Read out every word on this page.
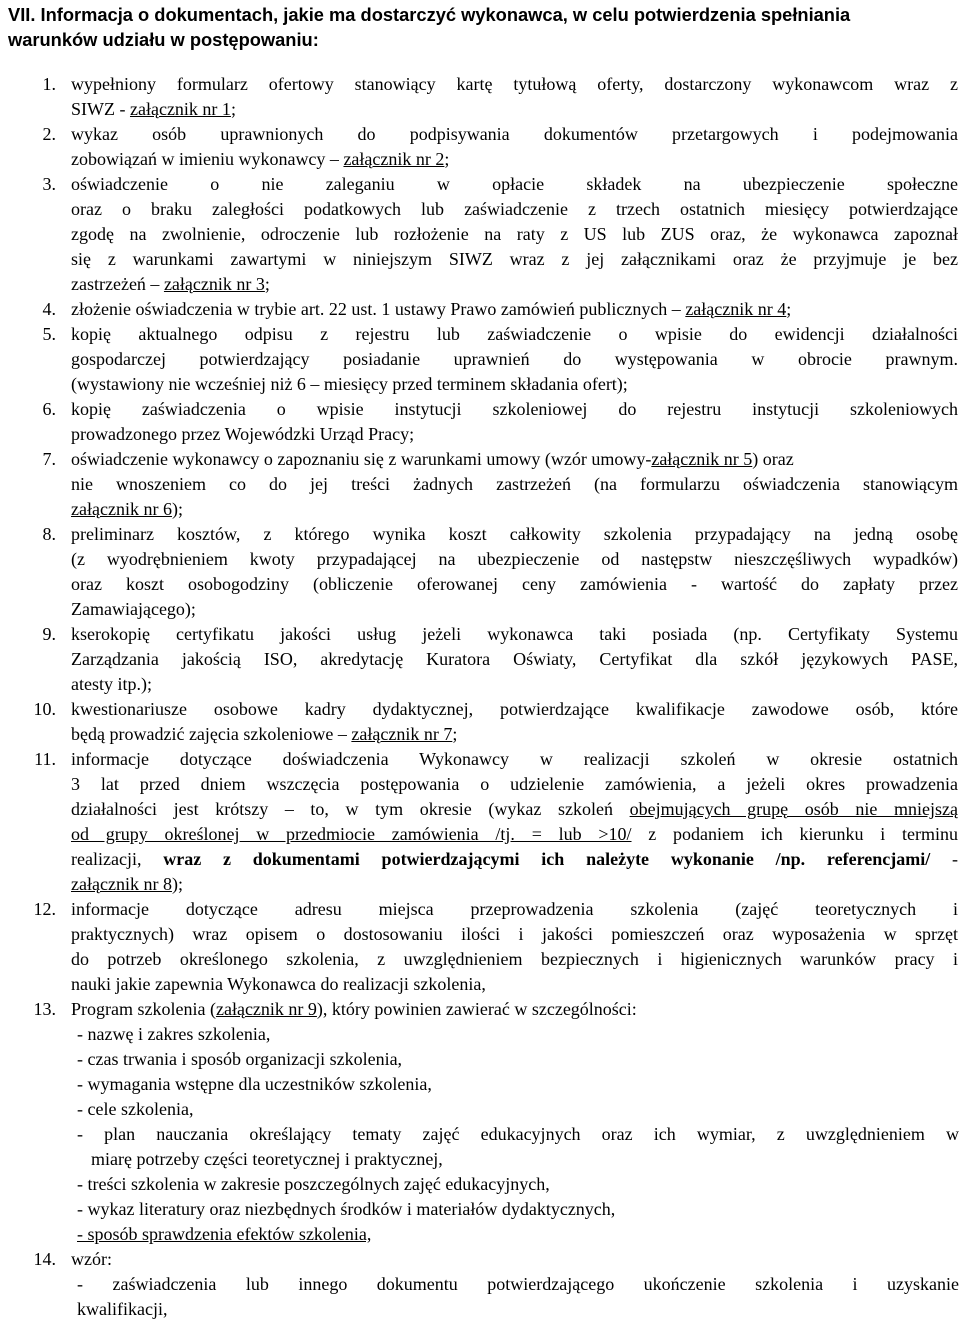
VII. Informacja o dokumentach, jakie ma dostarczyć wykonawca, w celu potwierdzenia spełniania
warunków udziału w postępowaniu:
1. wypełniony formularz ofertowy stanowiący kartę tytułową oferty, dostarczony wykonawcom wraz z
SIWZ - załącznik nr 1;
2. wykaz osób uprawnionych do podpisywania dokumentów przetargowych i podejmowania
zobowiązań w imieniu wykonawcy – załącznik nr 2;
3. oświadczenie o nie zaleganiu w opłacie składek na ubezpieczenie społeczne
oraz o braku zaległości podatkowych lub zaświadczenie z trzech ostatnich miesięcy potwierdzające
zgodę na zwolnienie, odroczenie lub rozłożenie na raty z US lub ZUS oraz, że wykonawca zapoznał
się z warunkami zawartymi w niniejszym SIWZ wraz z jej załącznikami oraz że przyjmuje je bez
zastrzeżeń – załącznik nr 3;
4. złożenie oświadczenia w trybie art. 22 ust. 1 ustawy Prawo zamówień publicznych – załącznik nr 4;
5. kopię aktualnego odpisu z rejestru lub zaświadczenie o wpisie do ewidencji działalności
gospodarczej potwierdzający posiadanie uprawnień do występowania w obrocie prawnym.
(wystawiony nie wcześniej niż 6 – miesięcy przed terminem składania ofert);
6. kopię zaświadczenia o wpisie instytucji szkoleniowej do rejestru instytucji szkoleniowych
prowadzonego przez Wojewódzki Urząd Pracy;
7. oświadczenie wykonawcy o zapoznaniu się z warunkami umowy (wzór umowy-załącznik nr 5) oraz
nie wnoszeniem co do jej treści żadnych zastrzeżeń (na formularzu oświadczenia stanowiącym
załącznik nr 6);
8. preliminarz kosztów, z którego wynika koszt całkowity szkolenia przypadający na jedną osobę
(z wyodrębnieniem kwoty przypadającej na ubezpieczenie od następstw nieszczęśliwych wypadków)
oraz koszt osobogodziny (obliczenie oferowanej ceny zamówienia - wartość do zapłaty przez
Zamawiającego);
9. kserokopię certyfikatu jakości usług jeżeli wykonawca taki posiada (np. Certyfikaty Systemu
Zarządzania jakością ISO, akredytację Kuratora Oświaty, Certyfikat dla szkół językowych PASE,
atesty itp.);
10. kwestionariusze osobowe kadry dydaktycznej, potwierdzające kwalifikacje zawodowe osób, które
będą prowadzić zajęcia szkoleniowe – załącznik nr 7;
11. informacje dotyczące doświadczenia Wykonawcy w realizacji szkoleń w okresie ostatnich
3 lat przed dniem wszczęcia postępowania o udzielenie zamówienia, a jeżeli okres prowadzenia
działalności jest krótszy – to, w tym okresie (wykaz szkoleń obejmujących grupę osób nie mniejszą
od grupy określonej w przedmiocie zamówienia /tj. = lub >10/ z podaniem ich kierunku i terminu
realizacji, wraz z dokumentami potwierdzającymi ich należyte wykonanie /np. referencjami/ -
załącznik nr 8);
12. informacje dotyczące adresu miejsca przeprowadzenia szkolenia (zajęć teoretycznych i
praktycznych) wraz opisem o dostosowaniu ilości i jakości pomieszczeń oraz wyposażenia w sprzęt
do potrzeb określonego szkolenia, z uwzględnieniem bezpiecznych i higienicznych warunków pracy i
nauki jakie zapewnia Wykonawca do realizacji szkolenia,
13. Program szkolenia (załącznik nr 9), który powinien zawierać w szczególności:
- nazwę i zakres szkolenia,
- czas trwania i sposób organizacji szkolenia,
- wymagania wstępne dla uczestników szkolenia,
- cele szkolenia,
- plan nauczania określający tematy zajęć edukacyjnych oraz ich wymiar, z uwzględnieniem w
miarę potrzeby części teoretycznej i praktycznej,
- treści szkolenia w zakresie poszczególnych zajęć edukacyjnych,
- wykaz literatury oraz niezbędnych środków i materiałów dydaktycznych,
- sposób sprawdzenia efektów szkolenia,
14. wzór:
- zaświadczenia lub innego dokumentu potwierdzającego ukończenie szkolenia i uzyskanie
kwalifikacji,
